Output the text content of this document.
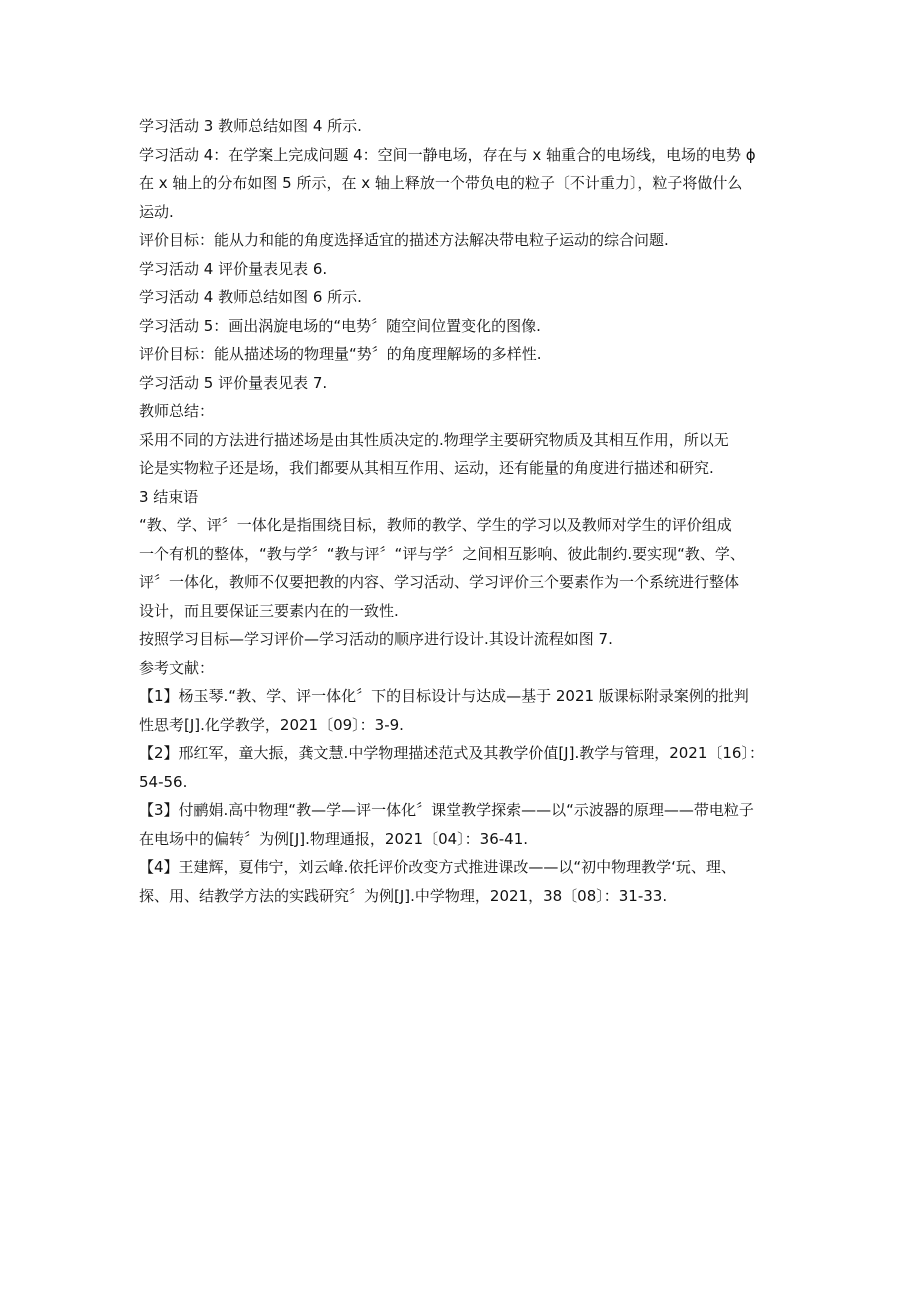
学习活动 3 教师总结如图 4 所示.

学习活动 4：在学案上完成问题 4：空间一静电场，存在与 x 轴重合的电场线，电场的电势 ϕ
在 x 轴上的分布如图 5 所示，在 x 轴上释放一个带负电的粒子〔不计重力〕，粒子将做什么
运动.

评价目标：能从力和能的角度选择适宜的描述方法解决带电粒子运动的综合问题.

学习活动 4 评价量表见表 6.

学习活动 4 教师总结如图 6 所示.

学习活动 5：画出涡旋电场的“电势〞随空间位置变化的图像.

评价目标：能从描述场的物理量“势〞的角度理解场的多样性.

学习活动 5 评价量表见表 7.

教师总结：

采用不同的方法进行描述场是由其性质决定的.物理学主要研究物质及其相互作用，所以无
论是实物粒子还是场，我们都要从其相互作用、运动，还有能量的角度进行描述和研究.

3 结束语

“教、学、评〞一体化是指围绕目标，教师的教学、学生的学习以及教师对学生的评价组成
一个有机的整体，“教与学〞“教与评〞“评与学〞之间相互影响、彼此制约.要实现“教、学、
评〞一体化，教师不仅要把教的内容、学习活动、学习评价三个要素作为一个系统进行整体
设计，而且要保证三要素内在的一致性.

按照学习目标—学习评价—学习活动的顺序进行设计.其设计流程如图 7.

参考文献：

【1】杨玉琴.“教、学、评一体化〞下的目标设计与达成—基于 2021 版课标附录案例的批判
性思考[J].化学教学，2021〔09〕：3-9.

【2】邢红军，童大振，龚文慧.中学物理描述范式及其教学价值[J].教学与管理，2021〔16〕：
54-56.

【3】付鹂娟.高中物理“教—学—评一体化〞课堂教学探索——以“示波器的原理——带电粒子
在电场中的偏转〞为例[J].物理通报，2021〔04〕：36-41.

【4】王建辉，夏伟宁，刘云峰.依托评价改变方式推进课改——以“初中物理教学‘玩、理、
探、用、结教学方法的实践研究〞为例[J].中学物理，2021，38〔08〕：31-33.
